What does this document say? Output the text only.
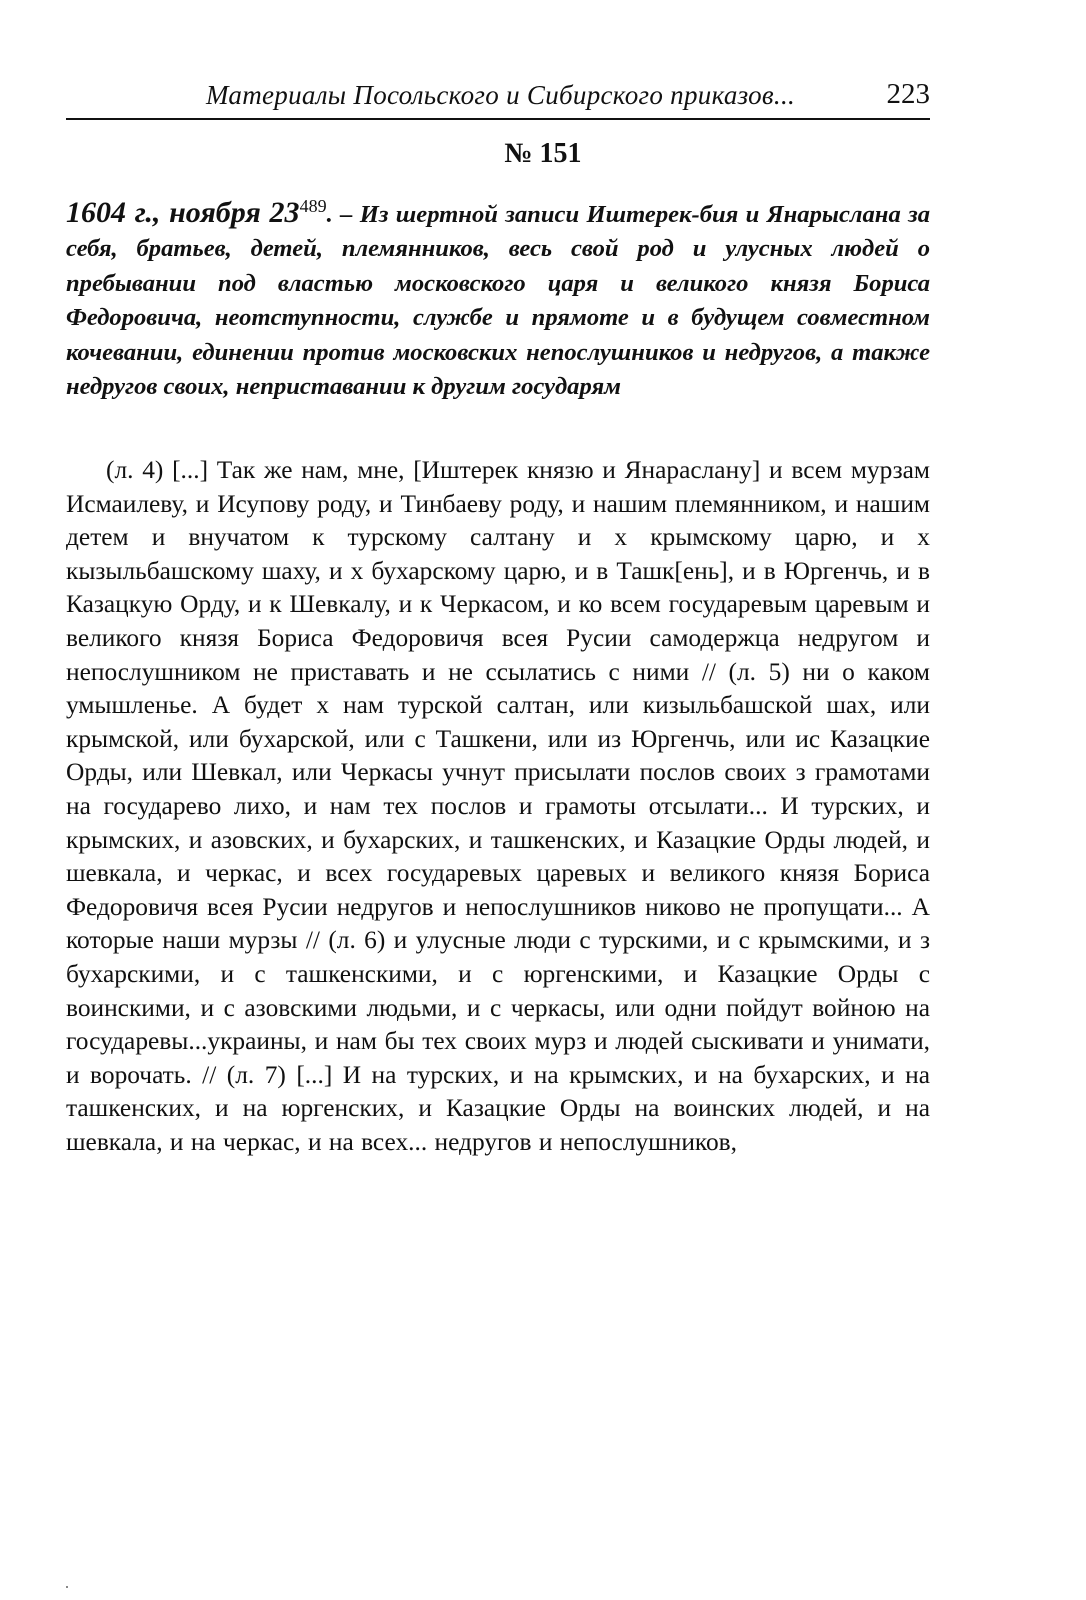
Материалы Посольского и Сибирского приказов...	223
№ 151
1604 г., ноября $23^{489}$. – Из шертной записи Иштерек-бия и Янарыслана за себя, братьев, детей, племянников, весь свой род и улусных людей о пребывании под властью московского царя и великого князя Бориса Федоровича, неотступности, службе и прямоте и в будущем совместном кочевании, единении против московских непослушников и недругов, а также недругов своих, неприставании к другим государям

(л. 4) [...] Так же нам, мне, [Иштерек князю и Янараслану] и всем мурзам Исмаилеву, и Исупову роду, и Тинбаеву роду, и нашим племянником, и нашим детем и внучатом к турскому салтану и х крымскому царю, и х кызыльбашскому шаху, и х бухарскому царю, и в Ташк[ень], и в Юргенчь, и в Казацкую Орду, и к Шевкалу, и к Черкасом, и ко всем государевым царевым и великого князя Бориса Федоровичя всея Русии самодержца недругом и непослушником не приставать и не ссылатись с ними // (л. 5) ни о каком умышленье. А будет х нам турской салтан, или кизыльбашской шах, или крымской, или бухарской, или с Ташкени, или из Юргенчь, или ис Казацкие Орды, или Шевкал, или Черкасы учнут присылати послов своих з грамотами на государево лихо, и нам тех послов и грамоты отсылати... И турских, и крымских, и азовских, и бухарских, и ташкенских, и Казацкие Орды людей, и шевкала, и черкас, и всех государевых царевых и великого князя Бориса Федоровичя всея Русии недругов и непослушников никово не пропущати... А которые наши мурзы // (л. 6) и улусные люди с турскими, и с крымскими, и з бухарскими, и с ташкенскими, и с юргенскими, и Казацкие Орды с воинскими, и с азовскими людьми, и с черкасы, или одни пойдут войною на государевы...украины, и нам бы тех своих мурз и людей сыскивати и унимати, и ворочать. // (л. 7) [...] И на турских, и на крымских, и на бухарских, и на ташкенских, и на юргенских, и Казацкие Орды на воинских людей, и на шевкала, и на черкас, и на всех... недругов и непослушников,
